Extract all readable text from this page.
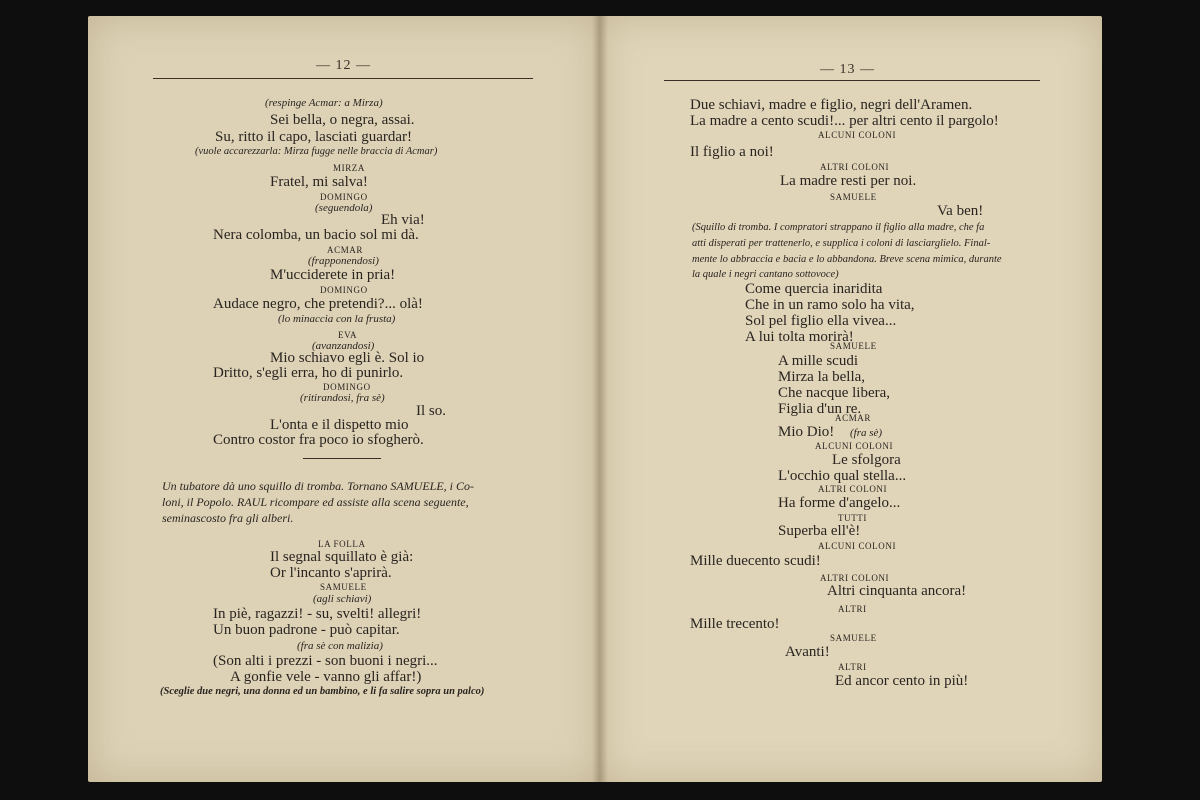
— 12 —
(respinge Acmar: a Mirza)
Sei bella, o negra, assai.
Su, ritto il capo, lasciati guardar!
(vuole accarezzarla: Mirza fugge nelle braccia di Acmar)
MIRZA
Fratel, mi salva!
DOMINGO
(seguendola)
Eh via!
Nera colomba, un bacio sol mi dà.
ACMAR
(frapponendosi)
M'ucciderete in pria!
DOMINGO
Audace negro, che pretendi?... olà!
(lo minaccia con la frusta)
EVA
(avanzandosi)
Mio schiavo egli è. Sol io
Dritto, s'egli erra, ho di punirlo.
DOMINGO
(ritirandosi, fra sè)
Il so.
L'onta e il dispetto mio
Contro costor fra poco io sfogherò.
Un tubatore dà uno squillo di tromba. Tornano SAMUELE, i Co-
loni, il Popolo. RAUL ricompare ed assiste alla scena seguente,
seminascosto fra gli alberi.
LA FOLLA
Il segnal squillato è già:
Or l'incanto s'aprirà.
SAMUELE
(agli schiavi)
In piè, ragazzi! - su, svelti! allegri!
Un buon padrone - può capitar.
(fra sè con malizia)
(Son alti i prezzi - son buoni i negri...
A gonfie vele - vanno gli affar!)
(Sceglie due negri, una donna ed un bambino, e li fa salire sopra un palco)
— 13 —
Due schiavi, madre e figlio, negri dell'Aramen.
La madre a cento scudi!... per altri cento il pargolo!
ALCUNI COLONI
Il figlio a noi!
ALTRI COLONI
La madre resti per noi.
SAMUELE
Va ben!
(Squillo di tromba. I compratori strappano il figlio alla madre, che fa
atti disperati per trattenerlo, e supplica i coloni di lasciarglielo. Final-
mente lo abbraccia e bacia e lo abbandona. Breve scena mimica, durante
la quale i negri cantano sottovoce)
Come quercia inaridita
Che in un ramo solo ha vita,
Sol pel figlio ella vivea...
A lui tolta morirà!
SAMUELE
A mille scudi
Mirza la bella,
Che nacque libera,
Figlia d'un re.
ACMAR
Mio Dio! (fra sè)
ALCUNI COLONI
Le sfolgora
L'occhio qual stella...
ALTRI COLONI
Ha forme d'angelo...
TUTTI
Superba ell'è!
ALCUNI COLONI
Mille duecento scudi!
ALTRI COLONI
Altri cinquanta ancora!
ALTRI
Mille trecento!
SAMUELE
Avanti!
ALTRI
Ed ancor cento in più!
